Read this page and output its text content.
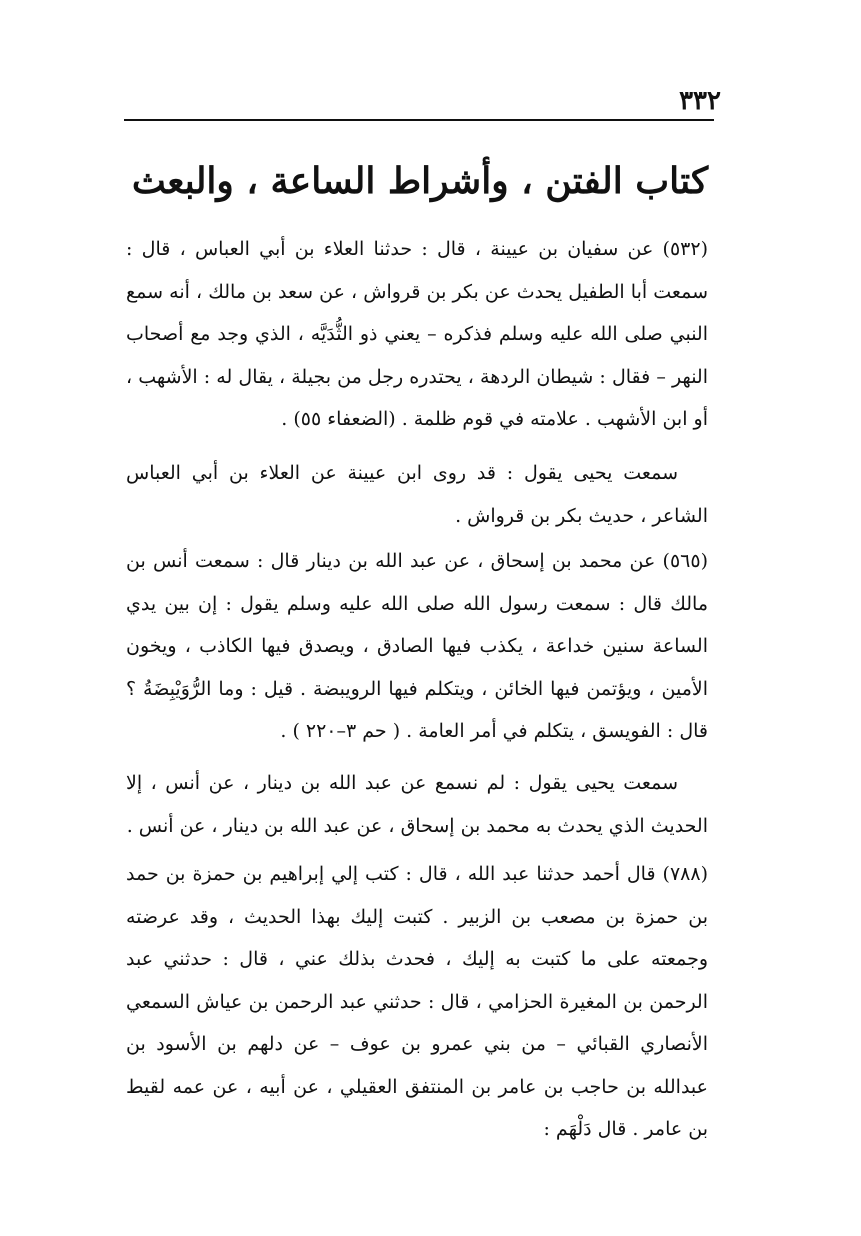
٣٣٢
كتاب الفتن ، وأشراط الساعة ، والبعث

(٥٣٢) عن سفيان بن عيينة ، قال : حدثنا العلاء بن أبي العباس ، قال : سمعت أبا الطفيل يحدث عن بكر بن قرواش ، عن سعد بن مالك ، أنه سمع النبي صلى الله عليه وسلم فذكره – يعني ذو الثُّدَيَّه ، الذي وجد مع أصحاب النهر – فقال : شيطان الردهة ، يحتدره رجل من بجيلة ، يقال له : الأشهب ، أو ابن الأشهب . علامته في قوم ظلمة . (الضعفاء ٥٥) .

سمعت يحيى يقول : قد روى ابن عيينة عن العلاء بن أبي العباس الشاعر ، حديث بكر بن قرواش .

(٥٦٥) عن محمد بن إسحاق ، عن عبد الله بن دينار قال : سمعت أنس بن مالك قال : سمعت رسول الله صلى الله عليه وسلم يقول : إن بين يدي الساعة سنين خداعة ، يكذب فيها الصادق ، ويصدق فيها الكاذب ، ويخون الأمين ، ويؤتمن فيها الخائن ، ويتكلم فيها الرويبضة . قيل : وما الرُّوَيْبِضَةُ ؟ قال : الفويسق ، يتكلم في أمر العامة . ( حم ٣–٢٢٠ ) .

سمعت يحيى يقول : لم نسمع عن عبد الله بن دينار ، عن أنس ، إلا الحديث الذي يحدث به محمد بن إسحاق ، عن عبد الله بن دينار ، عن أنس .

(٧٨٨) قال أحمد حدثنا عبد الله ، قال : كتب إلي إبراهيم بن حمزة بن حمد بن حمزة بن مصعب بن الزبير . كتبت إليك بهذا الحديث ، وقد عرضته وجمعته على ما كتبت به إليك ، فحدث بذلك عني ، قال : حدثني عبد الرحمن بن المغيرة الحزامي ، قال : حدثني عبد الرحمن بن عياش السمعي الأنصاري القبائي – من بني عمرو بن عوف – عن دلهم بن الأسود بن عبدالله بن حاجب بن عامر بن المنتفق العقيلي ، عن أبيه ، عن عمه لقيط بن عامر . قال دَلْهَم :
